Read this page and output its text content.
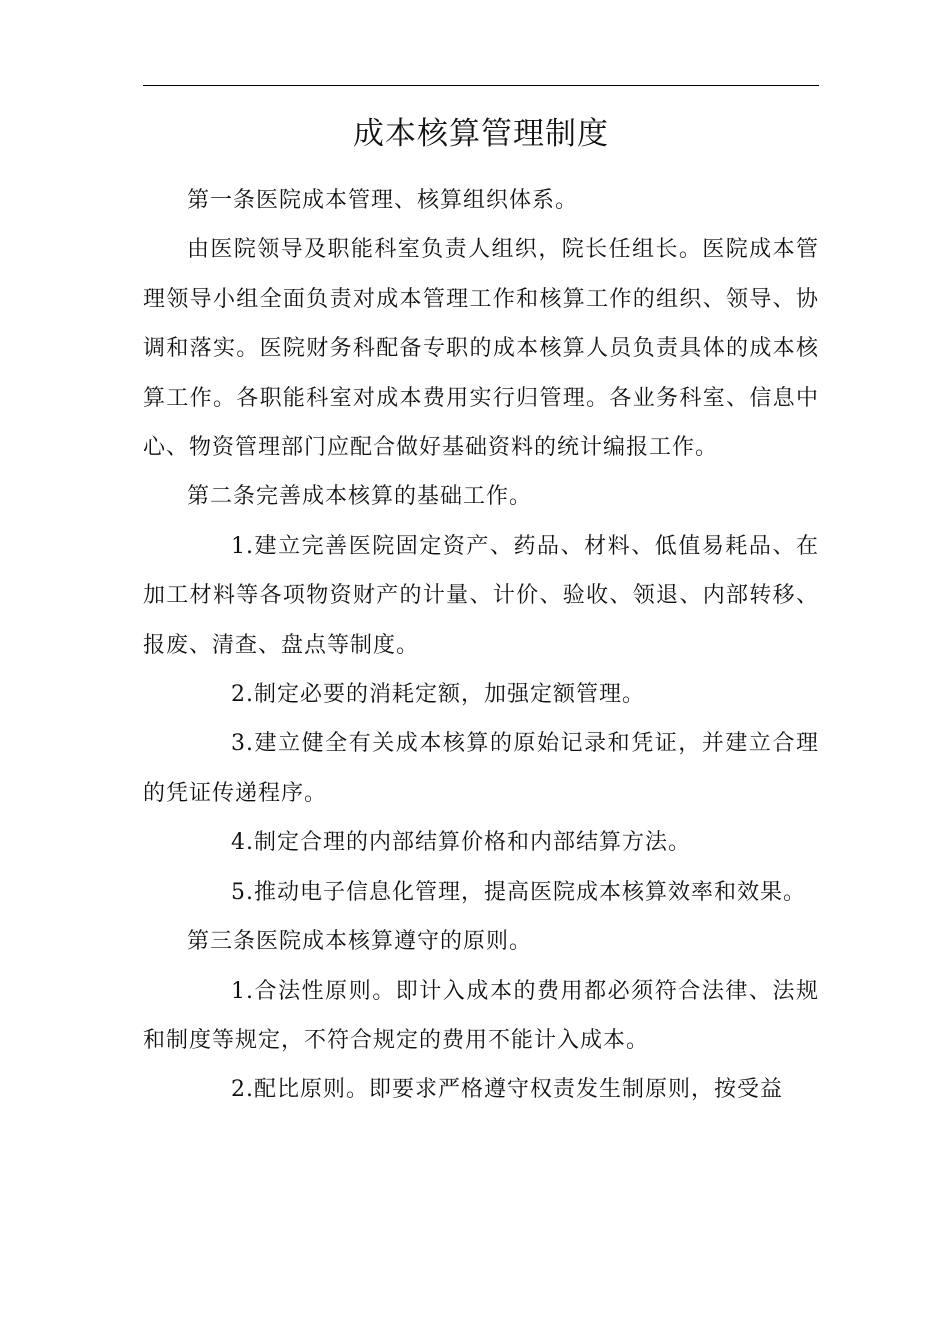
成本核算管理制度

第一条医院成本管理、核算组织体系。

由医院领导及职能科室负责人组织，院长任组长。医院成本管理领导小组全面负责对成本管理工作和核算工作的组织、领导、协调和落实。医院财务科配备专职的成本核算人员负责具体的成本核算工作。各职能科室对成本费用实行归管理。各业务科室、信息中心、物资管理部门应配合做好基础资料的统计编报工作。

第二条完善成本核算的基础工作。

1.建立完善医院固定资产、药品、材料、低值易耗品、在加工材料等各项物资财产的计量、计价、验收、领退、内部转移、报废、清查、盘点等制度。

2.制定必要的消耗定额，加强定额管理。

3.建立健全有关成本核算的原始记录和凭证，并建立合理的凭证传递程序。

4.制定合理的内部结算价格和内部结算方法。

5.推动电子信息化管理，提高医院成本核算效率和效果。

第三条医院成本核算遵守的原则。

1.合法性原则。即计入成本的费用都必须符合法律、法规和制度等规定，不符合规定的费用不能计入成本。

2.配比原则。即要求严格遵守权责发生制原则，按受益
